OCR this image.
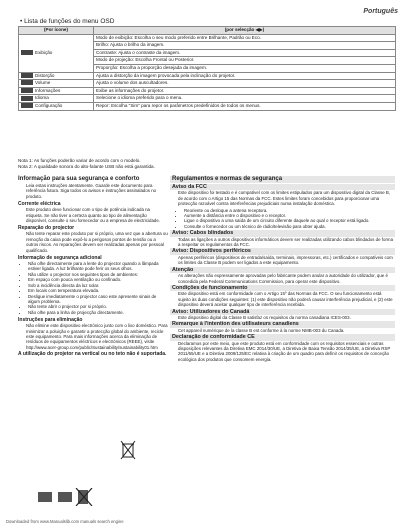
Português
• Lista de funções do menu OSD
(Por ícone)	(por selecção ◀▶)
Exibição	Modo de exibição: Escolha o seu modo preferido entre Brilhante, Padrão ou Eco.
	Brilho: Ajusta o brilho da imagem.
	Contraste: Ajusta o contraste da imagem.
	Modo de projeção: Escolha Frontal ou Posterior.
	Proporção: Escolha a proporção desejada da imagem.
Distorção	Ajusta a distorção da imagem provocada pela inclinação do projetor.
Volume	Ajusta o volume dos auscultadores.
Informações	Exibe as informações do projetor.
Idioma	Selecione o idioma preferido para o menu.
Configuração	Repor: Escolha "Sim" para repor os parâmetros predefinidos de todos os menus.
Nota 1: As funções poderão variar de acordo com o modelo.
Nota 2: A qualidade sonora do alto-falante USB não está garantida.
Informação para sua segurança e conforto

Leia estas instruções atentamente. Guarde este documento para referência futura. Siga todos os avisos e instruções assinalados no produto.

Corrente eléctrica

Este produto deve funcionar com o tipo de potência indicada na etiqueta. Se não tiver a certeza quanto ao tipo de alimentação disponível, consulte o seu fornecedor ou a empresa de electricidade.

Reparação do projector

Não tente reparar este produto por si próprio, uma vez que a abertura ou remoção da caixa pode expô-lo a perigosos pontos de tensão ou a outros riscos. As reparações devem ser realizadas apenas por pessoal qualificado.

Informação de segurança adicional
• Não olhe directamente para a lente do projector quando a lâmpada estiver ligada. A luz brilhante pode ferir os seus olhos.
• Não utilize o projector nos seguintes tipos de ambientes:
• Em espaço com pouca ventilação ou confinado.
• Sob a incidência directa da luz solar.
• Em locais com temperatura elevada.
• Desligue imediatamente o projector caso este apresente sinais de algum problema.
• Não tente abrir o projector por si próprio.
• Não olhe para a linha de projecção directamente.
Instruções para eliminação

Não elimine este dispositivo electrónico junto com o lixo doméstico. Para minimizar a poluição e garantir a protecção global do ambiente, recicle este equipamento. Para mais informações acerca da eliminação de resíduos de equipamentos eléctricos e electrónicos (REEE), visite http://www.acer-group.com/public/Sustainability/sustainability01.htm

A utilização do projetor na vertical ou no teto não é suportada.
Regulamentos e normas de segurança
Aviso da FCC

Este dispositivo foi testado e é compatível com os limites estipulados para um dispositivo digital da Classe B, de acordo com o Artigo 15 das Normas da FCC. Estes limites foram concebidos para proporcionar uma protecção razoável contra interferências prejudiciais numa instalação doméstica.

• Reoriente ou desloque a antena receptora.
• Aumente a distância entre o dispositivo e o receptor.
• Ligue o dispositivo a uma saída de um circuito diferente daquele ao qual o receptor está ligado.
• Consulte o fornecedor ou um técnico de rádio/televisão para obter ajuda.
Aviso: Cabos blindados

Todas as ligações a outros dispositivos informáticos devem ser realizadas utilizando cabos blindados de forma a respeitar os regulamentos da FCC.

Aviso: Dispositivos periféricos

Apenas periféricos (dispositivos de entrada/saída, terminais, impressoras, etc.) certificados e compatíveis com os limites da Classe B podem ser ligados a este equipamento.

Atenção

As alterações não expressamente aprovadas pelo fabricante podem anular a autoridade do utilizador, que é concedida pela Federal Communications Commission, para operar este dispositivo.

Condições de funcionamento

Este dispositivo está em conformidade com o Artigo 15º das Normas da FCC. O seu funcionamento está sujeito às duas condições seguintes: (1) este dispositivo não poderá causar interferência prejudicial, e (2) este dispositivo deverá aceitar qualquer tipo de interferência recebida.

Aviso: Utilizadores do Canadá

Este dispositivo digital da Classe B satisfaz os requisitos da norma canadiana ICES-003.

Remarque à l'intention des utilisateurs canadiens

Cet appareil numérique de la classe B est conforme à la norme NMB-003 du Canada.

Declaração de conformidade CE

Declaramos por este meio, que este produto está em conformidade com os requisitos essenciais e outras disposições relevantes da Diretiva EMC 2014/30/UE, a Diretiva de Baixa Tensão 2014/35/UE, a Diretiva RSP 2011/65/UE e a Diretiva 2009/125/EC relativa à criação de um quadro para definir os requisitos de conceção ecológica dos produtos que consomem energia.

Downloaded from www.Manualslib.com manuals search engine
